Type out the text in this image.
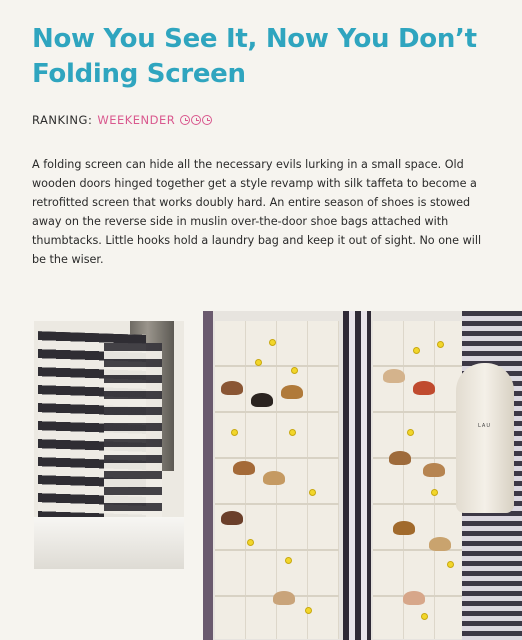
Now You See It, Now You Don’t
Folding Screen
RANKING: WEEKENDER

A folding screen can hide all the necessary evils lurking in a small space. Old wooden doors hinged together get a style revamp with silk taffeta to become a retrofitted screen that works doubly hard. An entire season of shoes is stowed away on the reverse side in muslin over-the-door shoe bags attached with thumbtacks. Little hooks hold a laundry bag and keep it out of sight. No one will be the wiser.

LAU
